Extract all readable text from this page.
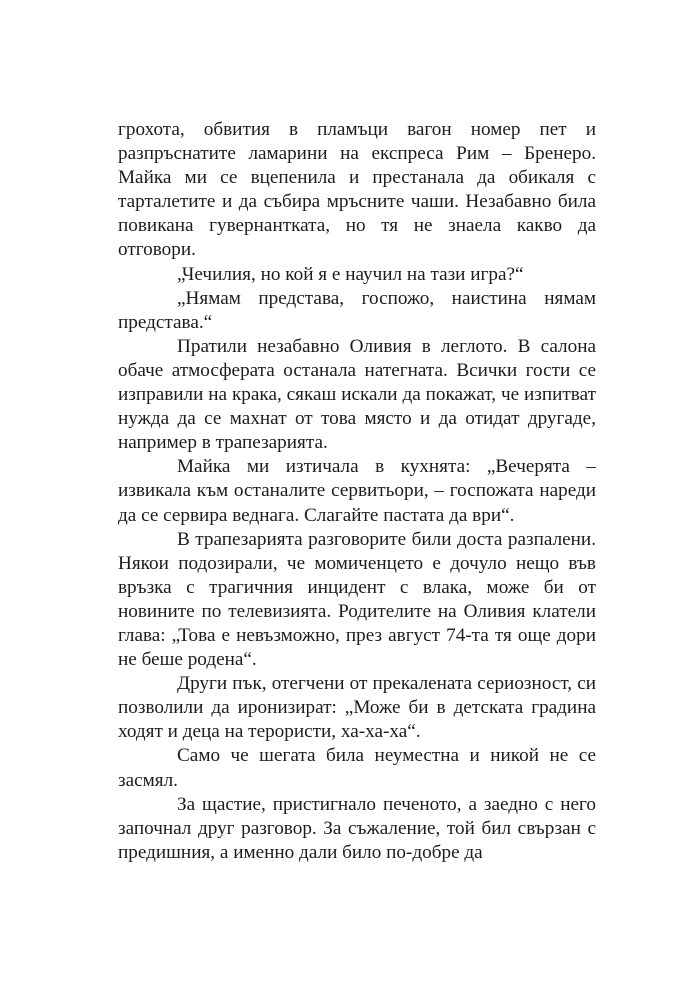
грохота, обвития в пламъци вагон номер пет и разпръснатите ламарини на експреса Рим – Бренеро. Майка ми се вцепенила и престанала да обикаля с тарталетите и да събира мръсните чаши. Незабавно била повикана гувернантката, но тя не знаела какво да отговори.

„Чечилия, но кой я е научил на тази игра?“

„Нямам представа, госпожо, наистина нямам представа.“

Пратили незабавно Оливия в леглото. В салона обаче атмосферата останала натегната. Всички гости се изправили на крака, сякаш искали да покажат, че изпитват нужда да се махнат от това място и да отидат другаде, например в трапезарията.

Майка ми изтичала в кухнята: „Вечерята – извикала към останалите сервитьори, – госпожата нареди да се сервира веднага. Слагайте пастата да ври“.

В трапезарията разговорите били доста разпалени. Някои подозирали, че момиченцето е дочуло нещо във връзка с трагичния инцидент с влака, може би от новините по телевизията. Родителите на Оливия клатели глава: „Това е невъзможно, през август 74-та тя още дори не беше родена“.

Други пък, отегчени от прекалената сериозност, си позволили да иронизират: „Може би в детската градина ходят и деца на терористи, ха-ха-ха“.

Само че шегата била неуместна и никой не се засмял.

За щастие, пристигнало печеното, а заедно с него започнал друг разговор. За съжаление, той бил свързан с предишния, а именно дали било по-добре да
